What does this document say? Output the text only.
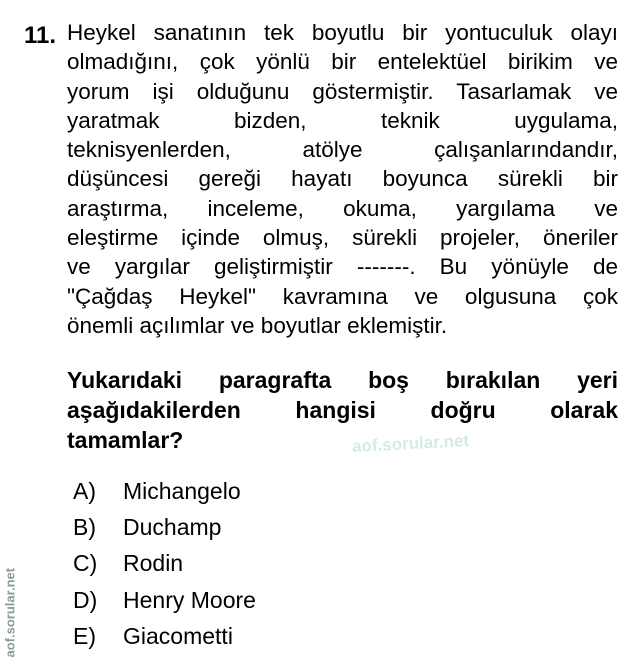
11. Heykel sanatının tek boyutlu bir yontuculuk olayı
olmadığını, çok yönlü bir entelektüel birikim ve
yorum işi olduğunu göstermiştir. Tasarlamak ve
yaratmak bizden, teknik uygulama,
teknisyenlerden, atölye çalışanlarındandır,
düşüncesi gereği hayatı boyunca sürekli bir
araştırma, inceleme, okuma, yargılama ve
eleştirme içinde olmuş, sürekli projeler, öneriler
ve yargılar geliştirmiştir -------. Bu yönüyle de
"Çağdaş Heykel" kavramına ve olgusuna çok
önemli açılımlar ve boyutlar eklemiştir.
Yukarıdaki paragrafta boş bırakılan yeri
aşağıdakilerden hangisi doğru olarak
tamamlar?	aof.sorular.net
A)	Michangelo
B)	Duchamp
C)	Rodin
D)	Henry Moore
E)	Giacometti
aof.sorular.net
